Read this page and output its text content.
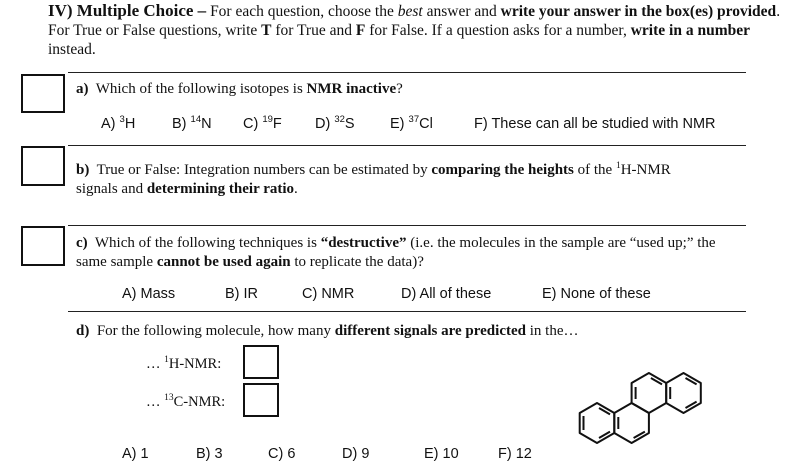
IV) Multiple Choice – For each question, choose the best answer and write your answer in the box(es) provided. For True or False questions, write T for True and F for False. If a question asks for a number, write in a number instead.
a) Which of the following isotopes is NMR inactive?
A) $^3$H	B) $^{14}$N C) $^{19}$F D) $^{32}$S E) $^{37}$Cl	F) These can all be studied with NMR
b) True or False: Integration numbers can be estimated by comparing the heights of the $^1$H-NMR signals and determining their ratio.
c) Which of the following techniques is “destructive” (i.e. the molecules in the sample are “used up;” the same sample cannot be used again to replicate the data)?
A) Mass	B) IR	C) NMR	D) All of these	E) None of these
d) For the following molecule, how many different signals are predicted in the…
… $^1$H-NMR:
… $^{13}$C-NMR:
A) 1	B) 3	C) 6	D) 9	E) 10	F) 12
